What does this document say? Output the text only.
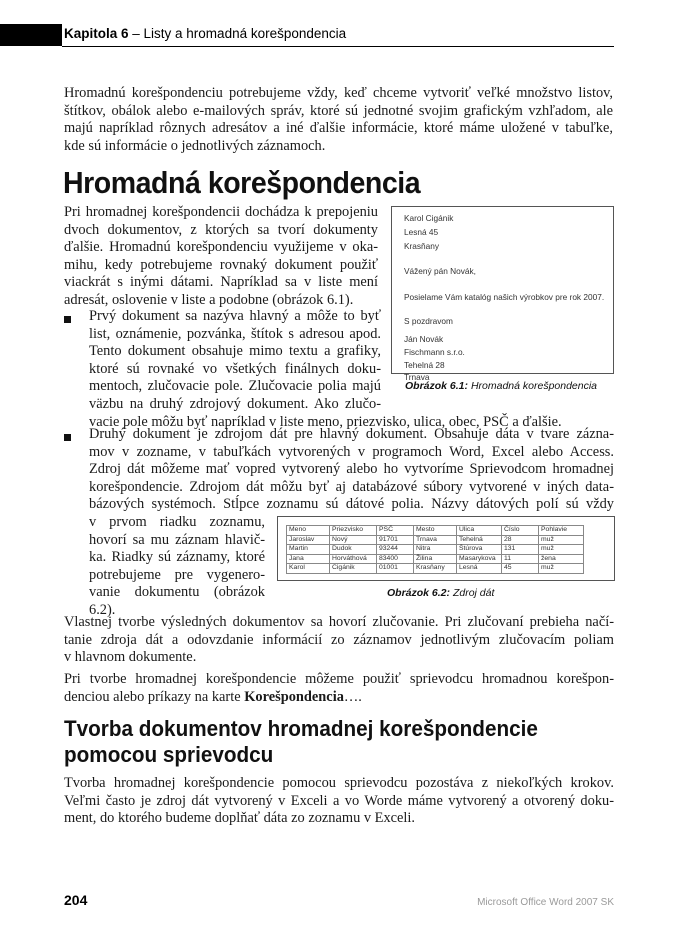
Kapitola 6 – Listy a hromadná korešpondencia
Hromadnú korešpondenciu potrebujeme vždy, keď chceme vytvoriť veľké množstvo listov,
štítkov, obálok alebo e-mailových správ, ktoré sú jednotné svojim grafickým vzhľadom, ale
majú napríklad rôznych adresátov a iné ďalšie informácie, ktoré máme uložené v tabuľke,
kde sú informácie o jednotlivých záznamoch.
Hromadná korešpondencia
Pri hromadnej korešpondencii dochádza k prepojeniu
dvoch dokumentov, z ktorých sa tvorí dokumenty
ďalšie. Hromadnú korešpondenciu využijeme v oka-
mihu, kedy potrebujeme rovnaký dokument použiť
viackrát s inými dátami. Napríklad sa v liste mení
adresát, oslovenie v liste a podobne (obrázok 6.1).
Karol Cigánik
Lesná 45
Krasňany
Vážený pán Novák,
Posielame Vám katalóg našich výrobkov pre rok 2007.
S pozdravom
Ján Novák
Fischmann s.r.o.
Tehelná 28
Trnava
Obrázok 6.1: Hromadná korešpondencia
Prvý dokument sa nazýva hlavný a môže to byť
list, oznámenie, pozvánka, štítok s adresou apod.
Tento dokument obsahuje mimo textu a grafiky,
ktoré sú rovnaké vo všetkých finálnych doku-
mentoch, zlučovacie pole. Zlučovacie polia majú
väzbu na druhý zdrojový dokument. Ako zlučo-
vacie pole môžu byť napríklad v liste meno, priezvisko, ulica, obec, PSČ a ďalšie.
Druhý dokument je zdrojom dát pre hlavný dokument. Obsahuje dáta v tvare zázna-
mov v zozname, v tabuľkách vytvorených v programoch Word, Excel alebo Access.
Zdroj dát môžeme mať vopred vytvorený alebo ho vytvoríme Sprievodcom hromadnej
korešpondencie. Zdrojom dát môžu byť aj databázové súbory vytvorené v iných data-
bázových systémoch. Stĺpce zoznamu sú dátové polia. Názvy dátových polí sú vždy
v prvom riadku zoznamu,
hovorí sa mu záznam hlavič-
ka. Riadky sú záznamy, ktoré
potrebujeme pre vygenero-
vanie dokumentu (obrázok
6.2).
Meno	Priezvisko	PSČ	Mesto	Ulica	Číslo	Pohlavie
Jaroslav	Nový	91701	Trnava	Tehelná	28	muž
Martin	Dudok	93244	Nitra	Štúrova	131	muž
Jana	Horváthová	83400	Žilina	Masarykova	11	žena
Karol	Cigánik	01001	Krasňany	Lesná	45	muž
Obrázok 6.2: Zdroj dát
Vlastnej tvorbe výsledných dokumentov sa hovorí zlučovanie. Pri zlučovaní prebieha načí-
tanie zdroja dát a odovzdanie informácií zo záznamov jednotlivým zlučovacím poliam
v hlavnom dokumente.
Pri tvorbe hromadnej korešpondencie môžeme použiť sprievodcu hromadnou korešpon-
denciou alebo príkazy na karte Korešpondencia….
Tvorba dokumentov hromadnej korešpondencie
pomocou sprievodcu
Tvorba hromadnej korešpondencie pomocou sprievodcu pozostáva z niekoľkých krokov.
Veľmi často je zdroj dát vytvorený v Exceli a vo Worde máme vytvorený a otvorený doku-
ment, do ktorého budeme doplňať dáta zo zoznamu v Exceli.
204	Microsoft Office Word 2007 SK
